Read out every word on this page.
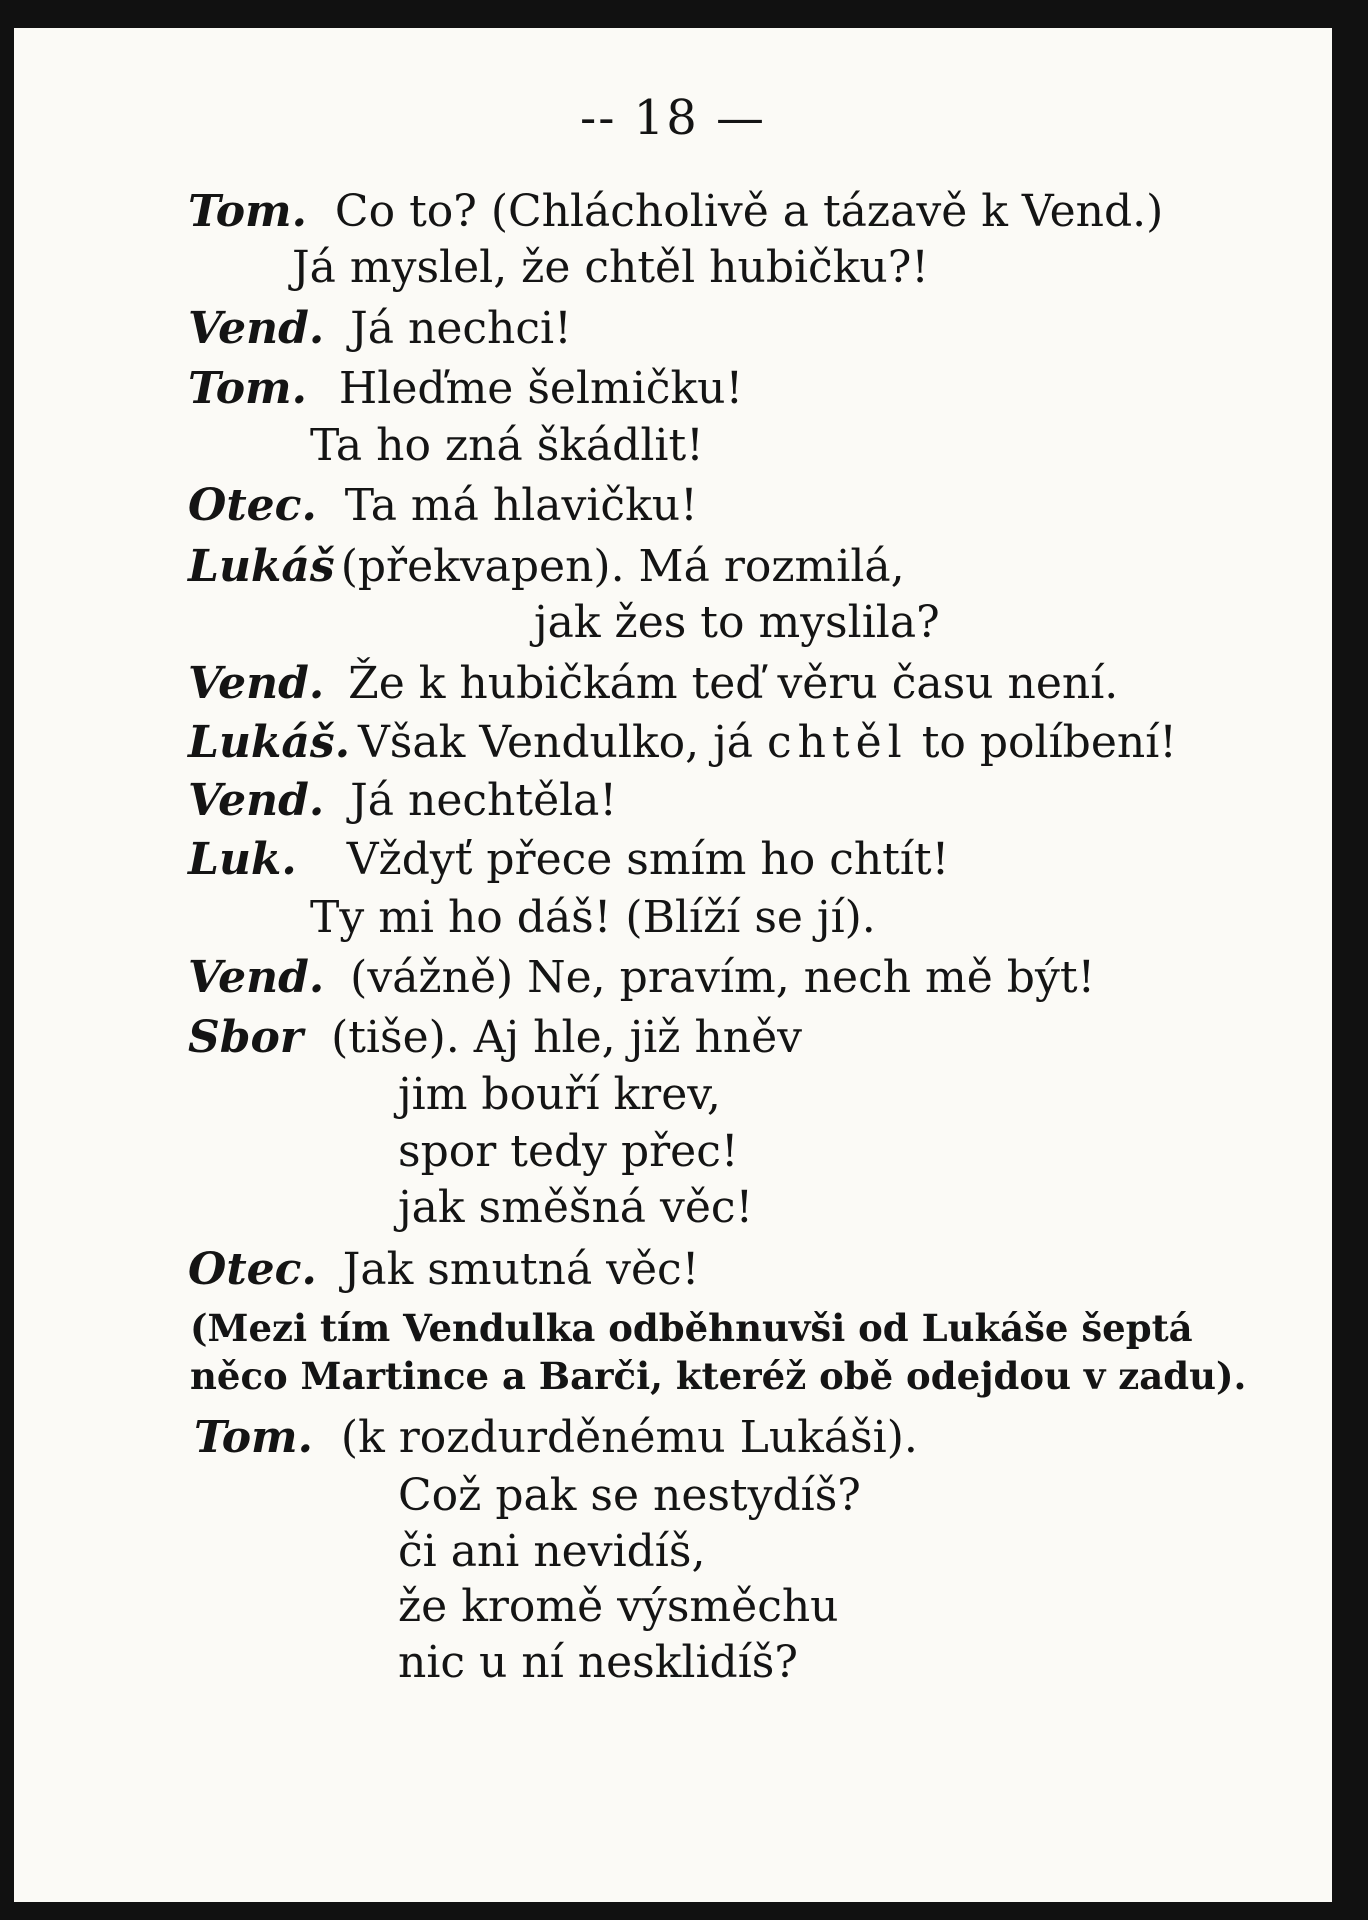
-- 18 —
Tom. Co to? (Chlácholivě a tázavě k Vend.)
Já myslel, že chtěl hubičku?!
Vend. Já nechci!
Tom. Hleďme šelmičku!
Ta ho zná škádlit!
Otec. Ta má hlavičku!
Lukáš (překvapen). Má rozmilá,
jak žes to myslila?
Vend. Že k hubičkám teď věru času není.
Lukáš. Však Vendulko, já chtěl to políbení!
Vend. Já nechtěla!
Luk. Vždyť přece smím ho chtít!
Ty mi ho dáš! (Blíží se jí).
Vend. (vážně) Ne, pravím, nech mě být!
Sbor (tiše). Aj hle, již hněv
jim bouří krev,
spor tedy přec!
jak směšná věc!
Otec. Jak smutná věc!
(Mezi tím Vendulka odběhnuvši od Lukáše šeptá
něco Martince a Barči, kteréž obě odejdou v zadu).
Tom. (k rozdurděnému Lukáši).
Což pak se nestydíš?
či ani nevidíš,
že kromě výsměchu
nic u ní nesklidíš?
